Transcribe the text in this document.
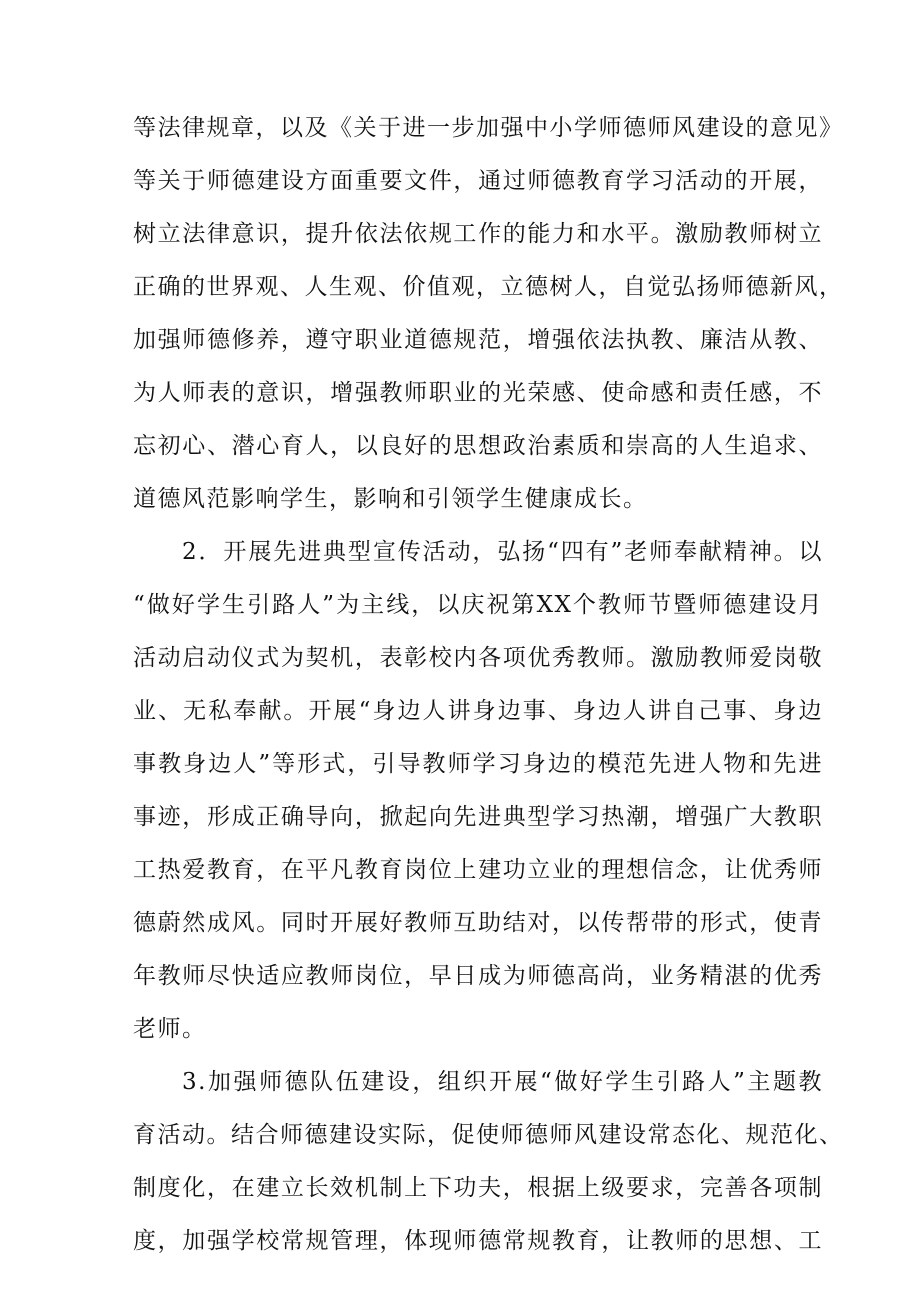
等法律规章，以及《关于进一步加强中小学师德师风建设的意见》
等关于师德建设方面重要文件，通过师德教育学习活动的开展，
树立法律意识，提升依法依规工作的能力和水平。激励教师树立
正确的世界观、人生观、价值观，立德树人，自觉弘扬师德新风，
加强师德修养，遵守职业道德规范，增强依法执教、廉洁从教、
为人师表的意识，增强教师职业的光荣感、使命感和责任感，不
忘初心、潜心育人，以良好的思想政治素质和崇高的人生追求、
道德风范影响学生，影响和引领学生健康成长。
2．开展先进典型宣传活动，弘扬“四有”老师奉献精神。以
“做好学生引路人”为主线，以庆祝第XX个教师节暨师德建设月
活动启动仪式为契机，表彰校内各项优秀教师。激励教师爱岗敬
业、无私奉献。开展“身边人讲身边事、身边人讲自己事、身边
事教身边人”等形式，引导教师学习身边的模范先进人物和先进
事迹，形成正确导向，掀起向先进典型学习热潮，增强广大教职
工热爱教育，在平凡教育岗位上建功立业的理想信念，让优秀师
德蔚然成风。同时开展好教师互助结对，以传帮带的形式，使青
年教师尽快适应教师岗位，早日成为师德高尚，业务精湛的优秀
老师。
3.加强师德队伍建设，组织开展“做好学生引路人”主题教
育活动。结合师德建设实际，促使师德师风建设常态化、规范化、
制度化，在建立长效机制上下功夫，根据上级要求，完善各项制
度，加强学校常规管理，体现师德常规教育，让教师的思想、工
